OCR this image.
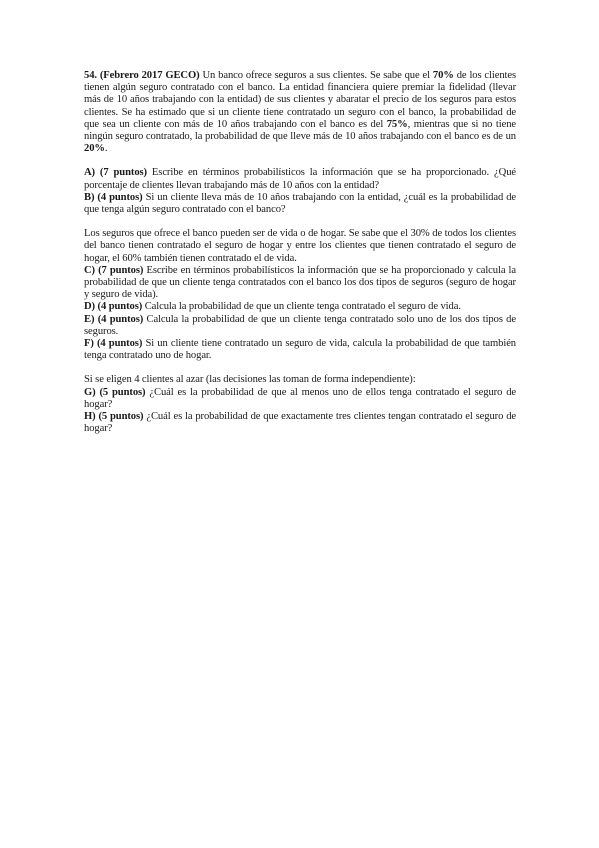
54. (Febrero 2017 GECO) Un banco ofrece seguros a sus clientes. Se sabe que el 70% de los clientes tienen algún seguro contratado con el banco. La entidad financiera quiere premiar la fidelidad (llevar más de 10 años trabajando con la entidad) de sus clientes y abaratar el precio de los seguros para estos clientes. Se ha estimado que si un cliente tiene contratado un seguro con el banco, la probabilidad de que sea un cliente con más de 10 años trabajando con el banco es del 75%, mientras que si no tiene ningún seguro contratado, la probabilidad de que lleve más de 10 años trabajando con el banco es de un 20%.

A) (7 puntos) Escribe en términos probabilísticos la información que se ha proporcionado. ¿Qué porcentaje de clientes llevan trabajando más de 10 años con la entidad?

B) (4 puntos) Si un cliente lleva más de 10 años trabajando con la entidad, ¿cuál es la probabilidad de que tenga algún seguro contratado con el banco?

Los seguros que ofrece el banco pueden ser de vida o de hogar. Se sabe que el 30% de todos los clientes del banco tienen contratado el seguro de hogar y entre los clientes que tienen contratado el seguro de hogar, el 60% también tienen contratado el de vida.

C) (7 puntos) Escribe en términos probabilísticos la información que se ha proporcionado y calcula la probabilidad de que un cliente tenga contratados con el banco los dos tipos de seguros (seguro de hogar y seguro de vida).

D) (4 puntos) Calcula la probabilidad de que un cliente tenga contratado el seguro de vida.

E) (4 puntos) Calcula la probabilidad de que un cliente tenga contratado solo uno de los dos tipos de seguros.

F) (4 puntos) Si un cliente tiene contratado un seguro de vida, calcula la probabilidad de que también tenga contratado uno de hogar.

Si se eligen 4 clientes al azar (las decisiones las toman de forma independiente):

G) (5 puntos) ¿Cuál es la probabilidad de que al menos uno de ellos tenga contratado el seguro de hogar?

H) (5 puntos) ¿Cuál es la probabilidad de que exactamente tres clientes tengan contratado el seguro de hogar?
